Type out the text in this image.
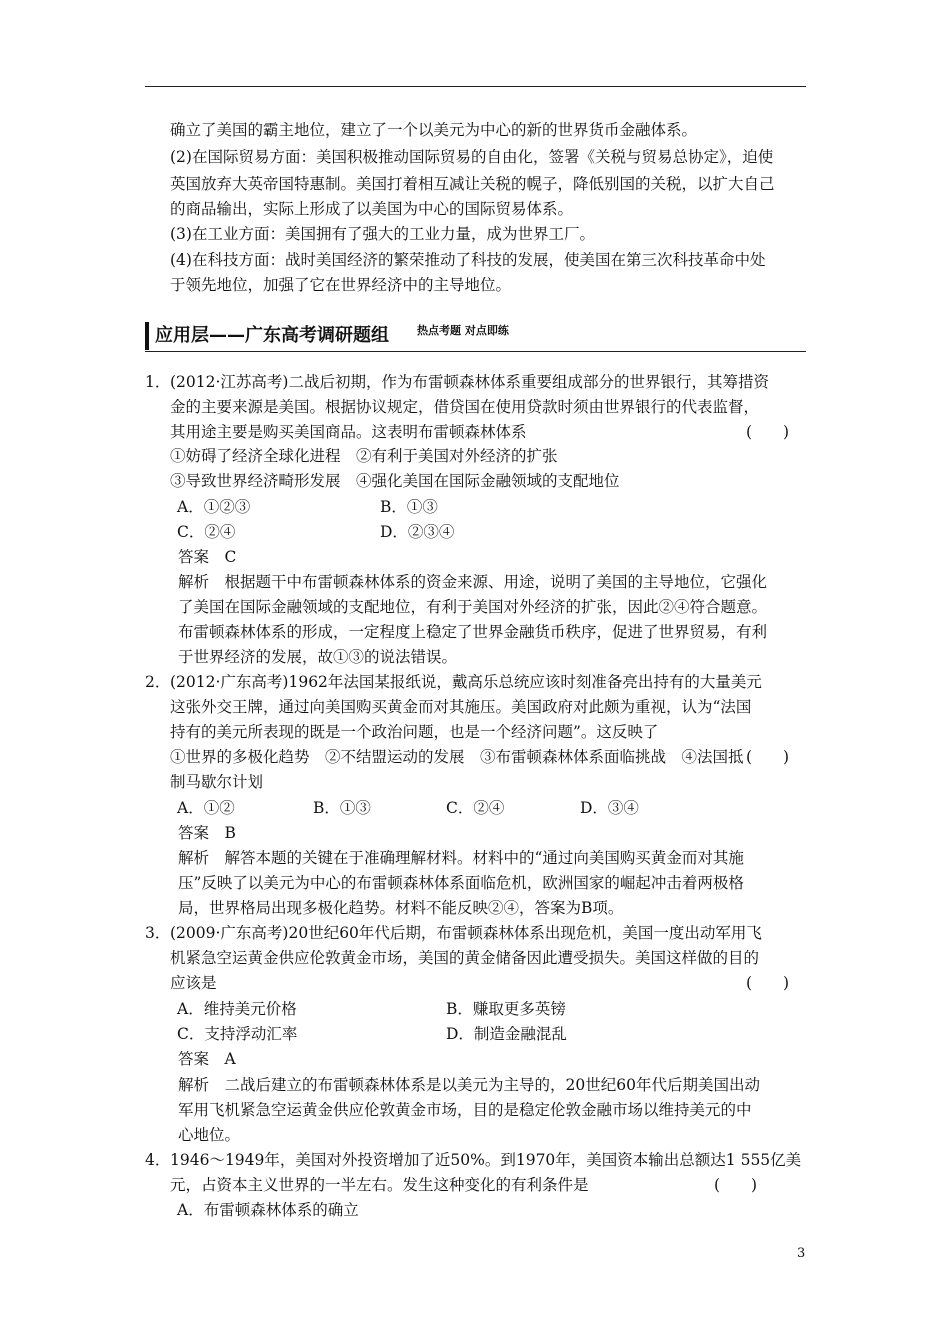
确立了美国的霸主地位，建立了一个以美元为中心的新的世界货币金融体系。
(2)在国际贸易方面：美国积极推动国际贸易的自由化，签署《关税与贸易总协定》，迫使
英国放弃大英帝国特惠制。美国打着相互减让关税的幌子，降低别国的关税，以扩大自己
的商品输出，实际上形成了以美国为中心的国际贸易体系。
(3)在工业方面：美国拥有了强大的工业力量，成为世界工厂。
(4)在科技方面：战时美国经济的繁荣推动了科技的发展，使美国在第三次科技革命中处
于领先地位，加强了它在世界经济中的主导地位。
应用层——广东高考调研题组	热点考题 对点即练
1．(2012·江苏高考)二战后初期，作为布雷顿森林体系重要组成部分的世界银行，其筹措资
金的主要来源是美国。根据协议规定，借贷国在使用贷款时须由世界银行的代表监督，
其用途主要是购买美国商品。这表明布雷顿森林体系	(　　)
①妨碍了经济全球化进程　②有利于美国对外经济的扩张
③导致世界经济畸形发展　④强化美国在国际金融领域的支配地位
A．①②③	B．①③
C．②④	D．②③④
答案　C
解析　根据题干中布雷顿森林体系的资金来源、用途，说明了美国的主导地位，它强化
了美国在国际金融领域的支配地位，有利于美国对外经济的扩张，因此②④符合题意。
布雷顿森林体系的形成，一定程度上稳定了世界金融货币秩序，促进了世界贸易，有利
于世界经济的发展，故①③的说法错误。
2．(2012·广东高考)1962年法国某报纸说，戴高乐总统应该时刻准备亮出持有的大量美元
这张外交王牌，通过向美国购买黄金而对其施压。美国政府对此颇为重视，认为“法国
持有的美元所表现的既是一个政治问题，也是一个经济问题”。这反映了
(　　)
①世界的多极化趋势　②不结盟运动的发展　③布雷顿森林体系面临挑战　④法国抵
制马歇尔计划
A．①②	B．①③	C．②④	D．③④
答案　B
解析　解答本题的关键在于准确理解材料。材料中的“通过向美国购买黄金而对其施
压”反映了以美元为中心的布雷顿森林体系面临危机，欧洲国家的崛起冲击着两极格
局，世界格局出现多极化趋势。材料不能反映②④，答案为B项。
3．(2009·广东高考)20世纪60年代后期，布雷顿森林体系出现危机，美国一度出动军用飞
机紧急空运黄金供应伦敦黄金市场，美国的黄金储备因此遭受损失。美国这样做的目的
应该是	(　　)
A．维持美元价格	B．赚取更多英镑
C．支持浮动汇率	D．制造金融混乱
答案　A
解析　二战后建立的布雷顿森林体系是以美元为主导的，20世纪60年代后期美国出动
军用飞机紧急空运黄金供应伦敦黄金市场，目的是稳定伦敦金融市场以维持美元的中
心地位。
4．1946～1949年，美国对外投资增加了近50%。到1970年，美国资本输出总额达1 555亿美
元，占资本主义世界的一半左右。发生这种变化的有利条件是	(　　)
A．布雷顿森林体系的确立
3
